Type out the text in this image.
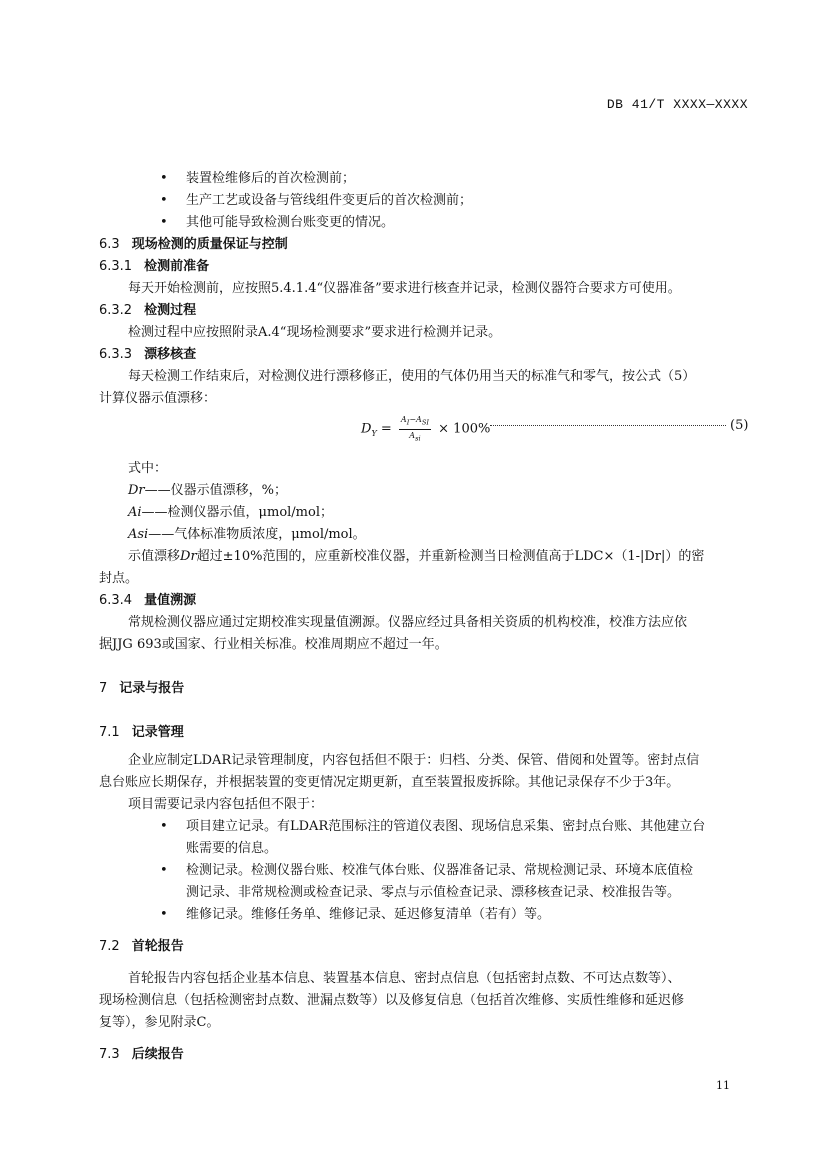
DB 41/T XXXX—XXXX
• 装置检维修后的首次检测前；
• 生产工艺或设备与管线组件变更后的首次检测前；
• 其他可能导致检测台账变更的情况。
6.3 现场检测的质量保证与控制
6.3.1 检测前准备
每天开始检测前，应按照5.4.1.4“仪器准备”要求进行核查并记录，检测仪器符合要求方可使用。
6.3.2 检测过程
检测过程中应按照附录A.4“现场检测要求”要求进行检测并记录。
6.3.3 漂移核查
每天检测工作结束后，对检测仪进行漂移修正，使用的气体仍用当天的标准气和零气，按公式（5）
计算仪器示值漂移：
$D_Y = \frac{A_I-A_{SI}}{A_{si}} \times 100\%$	(5)
式中：
Dr——仪器示值漂移，%；
Ai——检测仪器示值，μmol/mol；
Asi——气体标准物质浓度，μmol/mol。
示值漂移Dr超过±10%范围的，应重新校准仪器，并重新检测当日检测值高于LDC×（1-|Dr|）的密
封点。
6.3.4 量值溯源
常规检测仪器应通过定期校准实现量值溯源。仪器应经过具备相关资质的机构校准，校准方法应依
据JJG 693或国家、行业相关标准。校准周期应不超过一年。
7 记录与报告
7.1 记录管理
企业应制定LDAR记录管理制度，内容包括但不限于：归档、分类、保管、借阅和处置等。密封点信
息台账应长期保存，并根据装置的变更情况定期更新，直至装置报废拆除。其他记录保存不少于3年。
项目需要记录内容包括但不限于：
• 项目建立记录。有LDAR范围标注的管道仪表图、现场信息采集、密封点台账、其他建立台
账需要的信息。
• 检测记录。检测仪器台账、校准气体台账、仪器准备记录、常规检测记录、环境本底值检
测记录、非常规检测或检查记录、零点与示值检查记录、漂移核查记录、校准报告等。
• 维修记录。维修任务单、维修记录、延迟修复清单（若有）等。
7.2 首轮报告
首轮报告内容包括企业基本信息、装置基本信息、密封点信息（包括密封点数、不可达点数等）、
现场检测信息（包括检测密封点数、泄漏点数等）以及修复信息（包括首次维修、实质性维修和延迟修
复等），参见附录C。
7.3 后续报告
11
